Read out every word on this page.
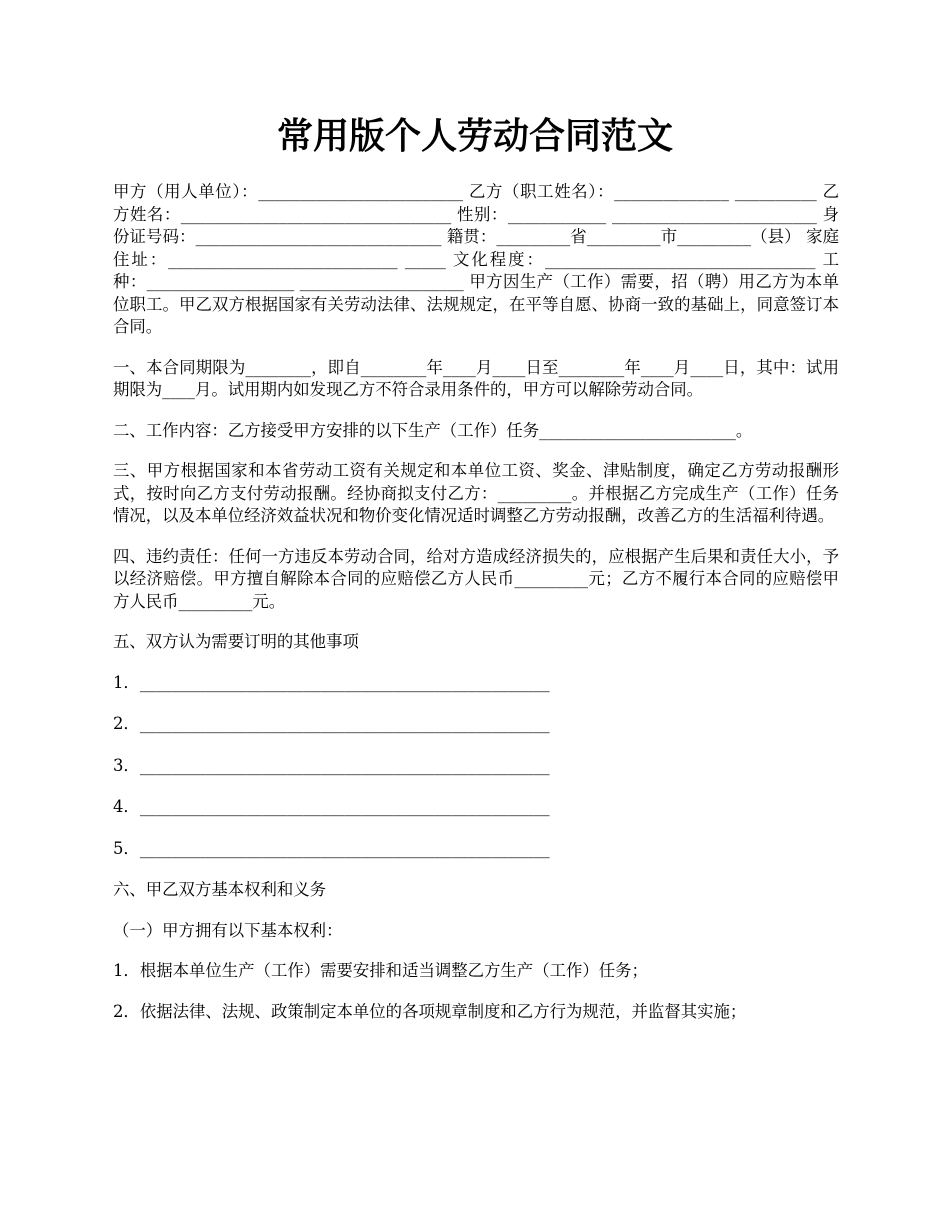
常用版个人劳动合同范文

甲方（用人单位）：_________________________ 乙方（职工姓名）：______________ __________ 乙方姓名：_________________________________ 性别：____________ _________________________ 身份证号码：______________________________ 籍贯：_________省_________市_________（县） 家庭住址：____________________________ _____ 文化程度：_________________________________ 工种：__________________ ____________________ 甲方因生产（工作）需要，招（聘）用乙方为本单位职工。甲乙双方根据国家有关劳动法律、法规规定，在平等自愿、协商一致的基础上，同意签订本合同。

一、本合同期限为________，即自________年____月____日至________年____月____日，其中：试用期限为____月。试用期内如发现乙方不符合录用条件的，甲方可以解除劳动合同。

二、工作内容：乙方接受甲方安排的以下生产（工作）任务________________________。

三、甲方根据国家和本省劳动工资有关规定和本单位工资、奖金、津贴制度，确定乙方劳动报酬形式，按时向乙方支付劳动报酬。经协商拟支付乙方：_________。并根据乙方完成生产（工作）任务情况，以及本单位经济效益状况和物价变化情况适时调整乙方劳动报酬，改善乙方的生活福利待遇。

四、违约责任：任何一方违反本劳动合同，给对方造成经济损失的，应根据产生后果和责任大小，予以经济赔偿。甲方擅自解除本合同的应赔偿乙方人民币_________元；乙方不履行本合同的应赔偿甲方人民币_________元。

五、双方认为需要订明的其他事项

1．__________________________________________________

2．__________________________________________________

3．__________________________________________________

4．__________________________________________________

5．__________________________________________________

六、甲乙双方基本权利和义务

（一）甲方拥有以下基本权利：

1．根据本单位生产（工作）需要安排和适当调整乙方生产（工作）任务；

2．依据法律、法规、政策制定本单位的各项规章制度和乙方行为规范，并监督其实施；
